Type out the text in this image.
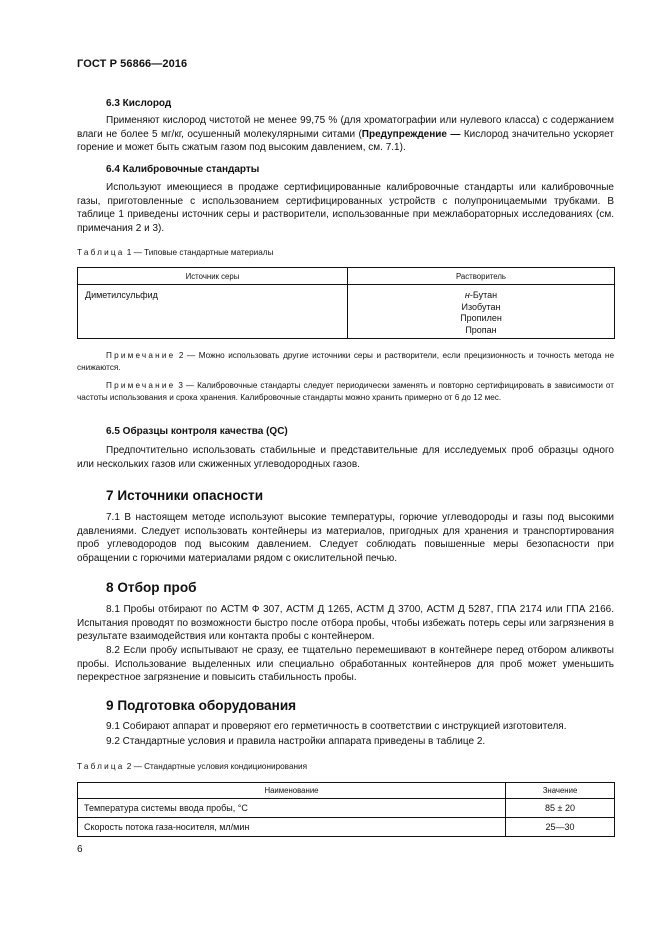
ГОСТ Р 56866—2016
6.3 Кислород
Применяют кислород чистотой не менее 99,75 % (для хроматографии или нулевого класса) с содержанием влаги не более 5 мг/кг, осушенный молекулярными ситами (Предупреждение — Кислород значительно ускоряет горение и может быть сжатым газом под высоким давлением, см. 7.1).
6.4 Калибровочные стандарты
Используют имеющиеся в продаже сертифицированные калибровочные стандарты или калибровочные газы, приготовленные с использованием сертифицированных устройств с полупроницаемыми трубками. В таблице 1 приведены источник серы и растворители, использованные при межлабораторных исследованиях (см. примечания 2 и 3).
Таблица 1 — Типовые стандартные материалы
Источник серы	Растворитель
Диметилсульфид	н-Бутан
Изобутан
Пропилен
Пропан
Примечание 2 — Можно использовать другие источники серы и растворители, если прецизионность и точность метода не снижаются.
Примечание 3 — Калибровочные стандарты следует периодически заменять и повторно сертифицировать в зависимости от частоты использования и срока хранения. Калибровочные стандарты можно хранить примерно от 6 до 12 мес.
6.5 Образцы контроля качества (QC)
Предпочтительно использовать стабильные и представительные для исследуемых проб образцы одного или нескольких газов или сжиженных углеводородных газов.
7 Источники опасности
7.1 В настоящем методе используют высокие температуры, горючие углеводороды и газы под высокими давлениями. Следует использовать контейнеры из материалов, пригодных для хранения и транспортирования проб углеводородов под высоким давлением. Следует соблюдать повышенные меры безопасности при обращении с горючими материалами рядом с окислительной печью.
8 Отбор проб
8.1 Пробы отбирают по АСТМ Ф 307, АСТМ Д 1265, АСТМ Д 3700, АСТМ Д 5287, ГПА 2174 или ГПА 2166. Испытания проводят по возможности быстро после отбора пробы, чтобы избежать потерь серы или загрязнения в результате взаимодействия или контакта пробы с контейнером.
8.2 Если пробу испытывают не сразу, ее тщательно перемешивают в контейнере перед отбором аликвоты пробы. Использование выделенных или специально обработанных контейнеров для проб может уменьшить перекрестное загрязнение и повысить стабильность пробы.
9 Подготовка оборудования
9.1 Собирают аппарат и проверяют его герметичность в соответствии с инструкцией изготовителя.
9.2 Стандартные условия и правила настройки аппарата приведены в таблице 2.
Таблица 2 — Стандартные условия кондиционирования
Наименование	Значение
Температура системы ввода пробы, °С	85 ± 20
Скорость потока газа-носителя, мл/мин	25—30
6
